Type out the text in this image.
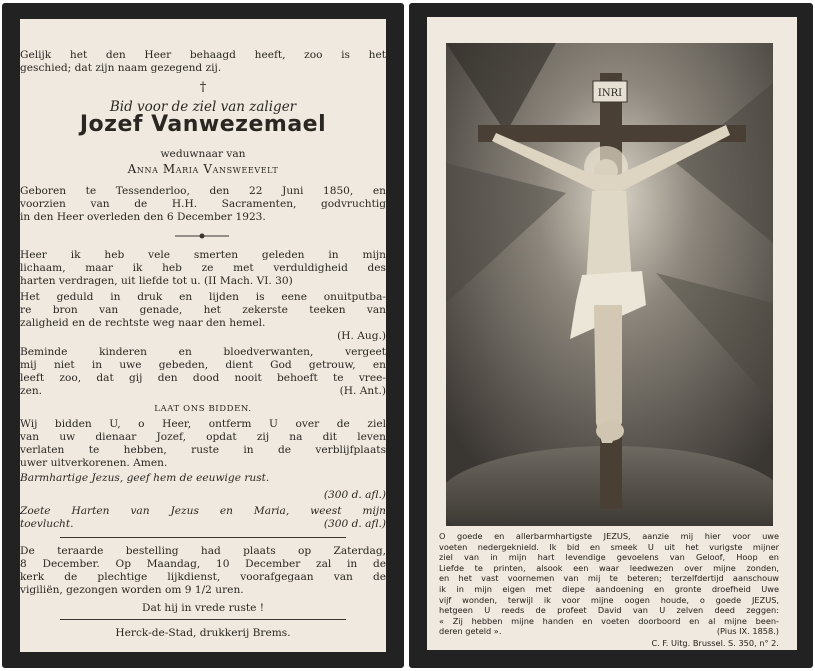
Gelijk het den Heer behaagd heeft, zoo is het
geschied; dat zijn naam gezegend zij.
†
Bid voor de ziel van zaliger
Jozef Vanwezemael
weduwnaar van
Anna Maria Vansweevelt
Geboren te Tessenderloo, den 22 Juni 1850, en
voorzien van de H.H. Sacramenten, godvruchtig
in den Heer overleden den 6 December 1923.
Heer ik heb vele smerten geleden in mijn
lichaam, maar ik heb ze met verduldigheid des
harten verdragen, uit liefde tot u. (II Mach. VI. 30)
Het geduld in druk en lijden is eene onuitputba-
re bron van genade, het zekerste teeken van
zaligheid en de rechtste weg naar den hemel.
(H. Aug.)
Beminde kinderen en bloedverwanten, vergeet
mij niet in uwe gebeden, dient God getrouw, en
leeft zoo, dat gij den dood nooit behoeft te vree-
zen.	(H. Ant.)
LAAT ONS BIDDEN.
Wij bidden U, o Heer, ontferm U over de ziel
van uw dienaar Jozef, opdat zij na dit leven
verlaten te hebben, ruste in de verblijfplaats
uwer uitverkorenen. Amen.
Barmhartige Jezus, geef hem de eeuwige rust.
(300 d. afl.)
Zoete Harten van Jezus en Maria, weest mijn
toevlucht.	(300 d. afl.)
De teraarde bestelling had plaats op Zaterdag,
8 December. Op Maandag, 10 December zal in de
kerk de plechtige lijkdienst, voorafgegaan van de
vigiliën, gezongen worden om 9 1/2 uren.
Dat hij in vrede ruste !
Herck-de-Stad, drukkerij Brems.
INRI
O goede en allerbarmhartigste JEZUS, aanzie mij hier voor uwe
voeten nedergeknield. Ik bid en smeek U uit het vurigste mijner
ziel van in mijn hart levendige gevoelens van Geloof, Hoop en
Liefde te printen, alsook een waar leedwezen over mijne zonden,
en het vast voornemen van mij te beteren; terzelfdertijd aanschouw
ik in mijn eigen met diepe aandoening en gronte droefheid Uwe
vijf wonden, terwijl ik voor mijne oogen houde, o goede JEZUS,
hetgeen U reeds de profeet David van U zelven deed zeggen:
« Zij hebben mijne handen en voeten doorboord en al mijne been-
deren geteld ».	(Pius IX. 1858.)
C. F. Uitg. Brussel. S. 350, n° 2.
